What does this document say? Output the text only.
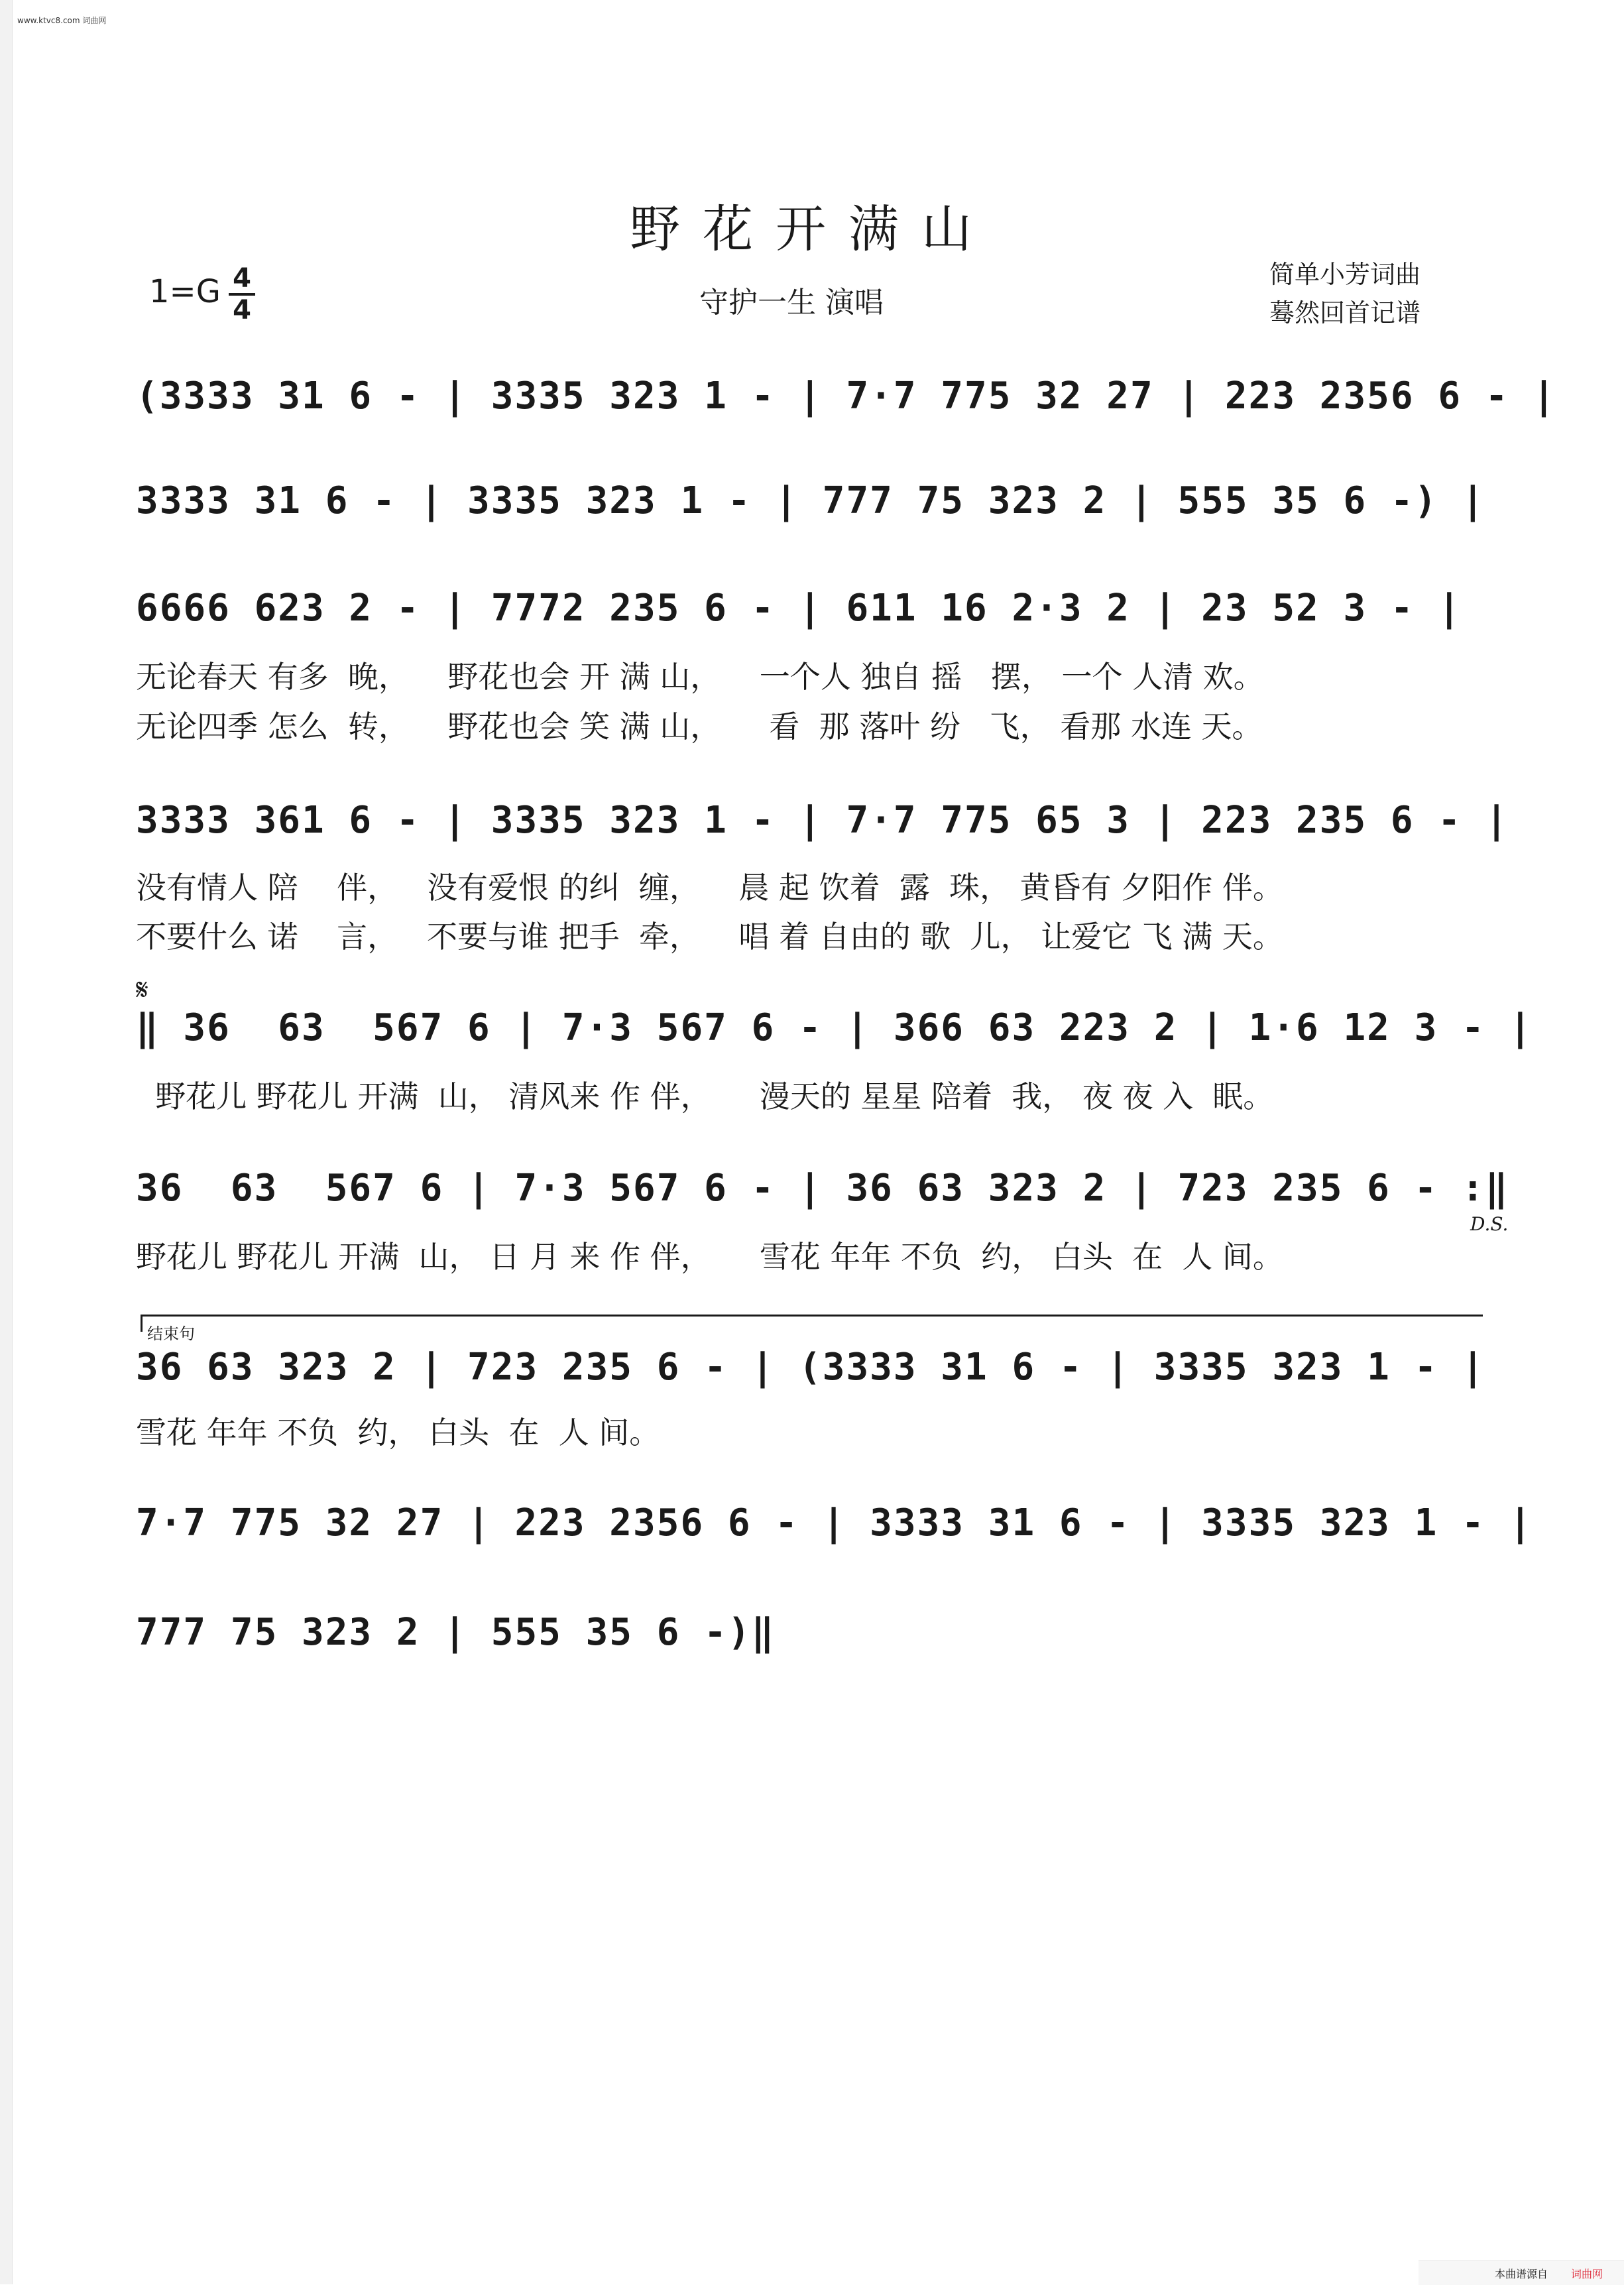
www.ktvc8.com 词曲网
野花开满山
1=G 4
4	守护一生 演唱
简单小芳词曲
蓦然回首记谱
(3333 31 6 - | 3335 323 1 - | 7·7 775 32 27 | 223 2356 6 - |
3333 31 6 - | 3335 323 1 - | 777 75 323 2 | 555 35 6 -) |
6666 623 2 - | 7772 235 6 - | 611 16 2·3 2 | 23 52 3 - |
无论春天 有多  晚，    野花也会 开 满 山，    一个人 独自 摇   摆， 一个 人清 欢。
无论四季 怎么  转，    野花也会 笑 满 山，     看  那 落叶 纷   飞， 看那 水连 天。
3333 361 6 - | 3335 323 1 - | 7·7 775 65 3 | 223 235 6 - |
没有情人 陪    伴，   没有爱恨 的纠  缠，    晨 起 饮着  露  珠， 黄昏有 夕阳作 伴。
不要什么 诺    言，   不要与谁 把手  牵，    唱 着 自由的 歌  儿， 让爱它 飞 满 天。
𝄋
‖ 36  63  567 6 | 7·3 567 6 - | 366 63 223 2 | 1·6 12 3 - |
野花儿 野花儿 开满  山， 清风来 作 伴，     漫天的 星星 陪着  我， 夜 夜 入  眠。
36  63  567 6 | 7·3 567 6 - | 36 63 323 2 | 723 235 6 - :‖
D.S.
野花儿 野花儿 开满  山， 日 月 来 作 伴，     雪花 年年 不负  约， 白头  在  人 间。
结束句
36 63 323 2 | 723 235 6 - | (3333 31 6 - | 3335 323 1 - |
雪花 年年 不负  约， 白头  在  人 间。
7·7 775 32 27 | 223 2356 6 - | 3333 31 6 - | 3335 323 1 - |
777 75 323 2 | 555 35 6 -)‖
本曲谱源自 词曲网
